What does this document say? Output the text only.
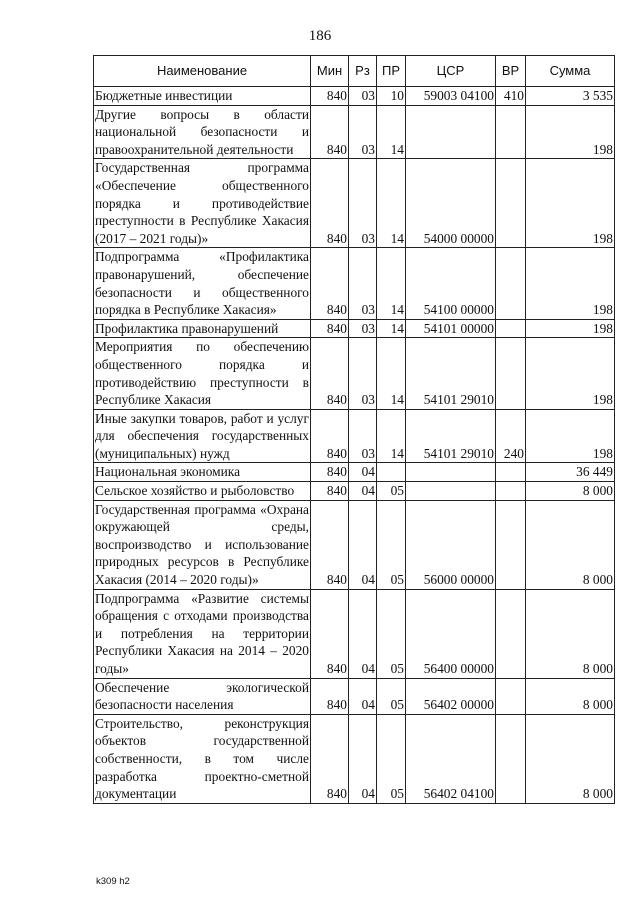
186
Наименование	Мин	Рз	ПР	ЦСР	ВР	Сумма
Бюджетные инвестиции	840	03	10	59003 04100	410	3 535
Другие вопросы в области национальной безопасности и правоохранительной деятельности	840	03	14			198
Государственная программа «Обеспечение общественного порядка и противодействие преступности в Республике Хакасия (2017 – 2021 годы)»	840	03	14	54000 00000		198
Подпрограмма «Профилактика правонарушений, обеспечение безопасности и общественного порядка в Республике Хакасия»	840	03	14	54100 00000		198
Профилактика правонарушений	840	03	14	54101 00000		198
Мероприятия по обеспечению общественного порядка и противодействию преступности в Республике Хакасия	840	03	14	54101 29010		198
Иные закупки товаров, работ и услуг для обеспечения государственных (муниципальных) нужд	840	03	14	54101 29010	240	198
Национальная экономика	840	04				36 449
Сельское хозяйство и рыболовство	840	04	05			8 000
Государственная программа «Охрана окружающей среды, воспроизводство и использование природных ресурсов в Республике Хакасия (2014 – 2020 годы)»	840	04	05	56000 00000		8 000
Подпрограмма «Развитие системы обращения с отходами производства и потребления на территории Республики Хакасия на 2014 – 2020 годы»	840	04	05	56400 00000		8 000
Обеспечение экологической безопасности населения	840	04	05	56402 00000		8 000
Строительство, реконструкция объектов государственной собственности, в том числе разработка проектно-сметной документации	840	04	05	56402 04100		8 000
k309 h2
